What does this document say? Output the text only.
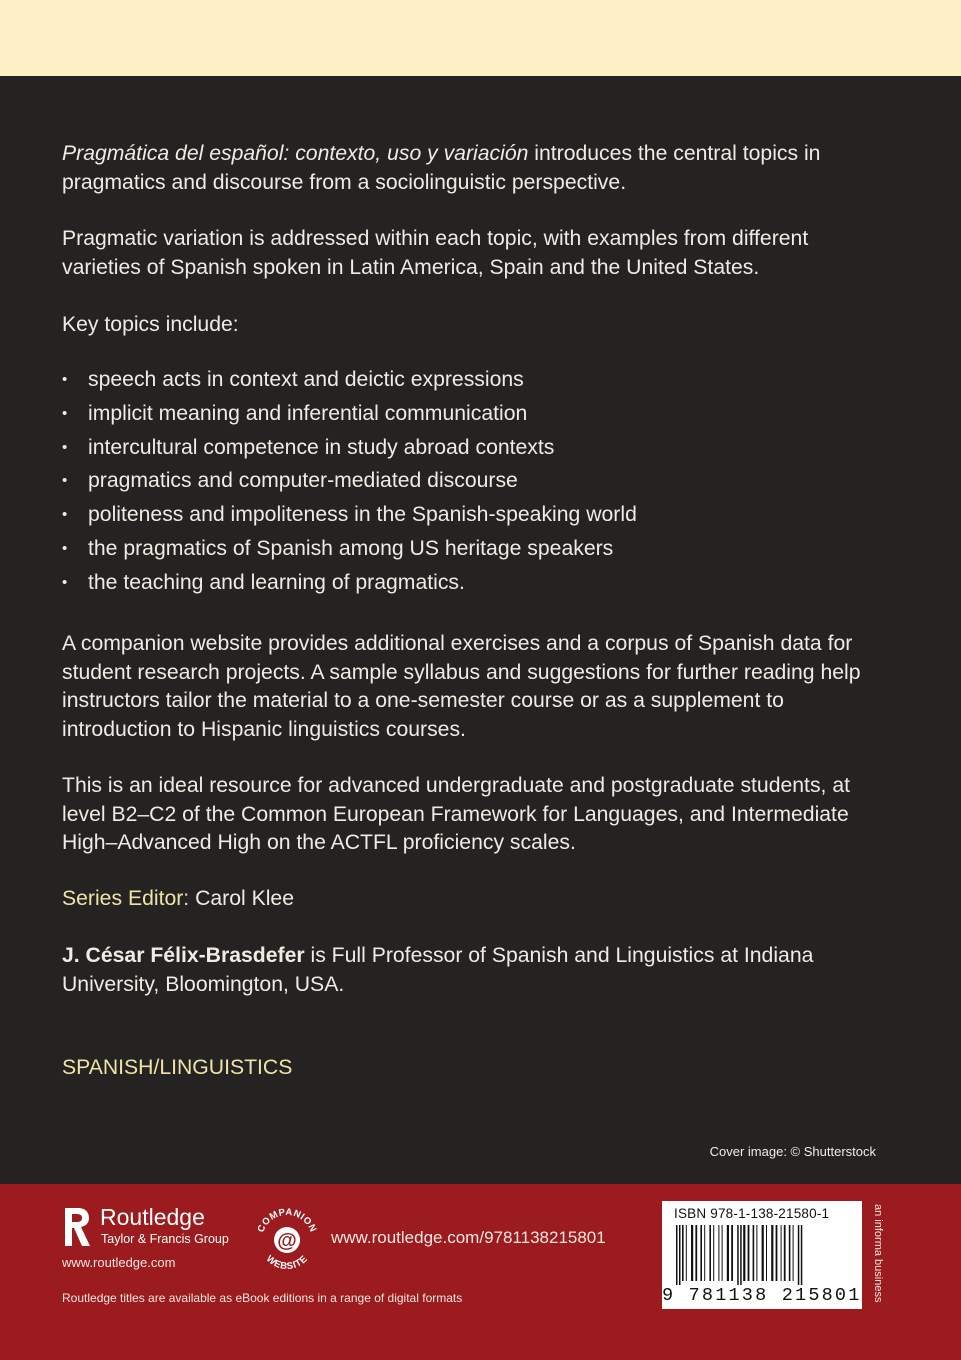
Pragmática del español: contexto, uso y variación introduces the central topics in pragmatics and discourse from a sociolinguistic perspective.

Pragmatic variation is addressed within each topic, with examples from different varieties of Spanish spoken in Latin America, Spain and the United States.

Key topics include:

• speech acts in context and deictic expressions
• implicit meaning and inferential communication
• intercultural competence in study abroad contexts
• pragmatics and computer-mediated discourse
• politeness and impoliteness in the Spanish-speaking world
• the pragmatics of Spanish among US heritage speakers
• the teaching and learning of pragmatics.

A companion website provides additional exercises and a corpus of Spanish data for student research projects. A sample syllabus and suggestions for further reading help instructors tailor the material to a one-semester course or as a supplement to introduction to Hispanic linguistics courses.

This is an ideal resource for advanced undergraduate and postgraduate students, at level B2–C2 of the Common European Framework for Languages, and Intermediate High–Advanced High on the ACTFL proficiency scales.

Series Editor: Carol Klee

J. César Félix-Brasdefer is Full Professor of Spanish and Linguistics at Indiana University, Bloomington, USA.

SPANISH/LINGUISTICS

Cover image: © Shutterstock
ROUTLEDGE
Routledge
Taylor & Francis Group
www.routledge.com
COMPANION
WEBSITE
@ www.routledge.com/9781138215801
Routledge titles are available as eBook editions in a range of digital formats
ISBN 978-1-138-21580-1
9 781138 215801 an informa business
